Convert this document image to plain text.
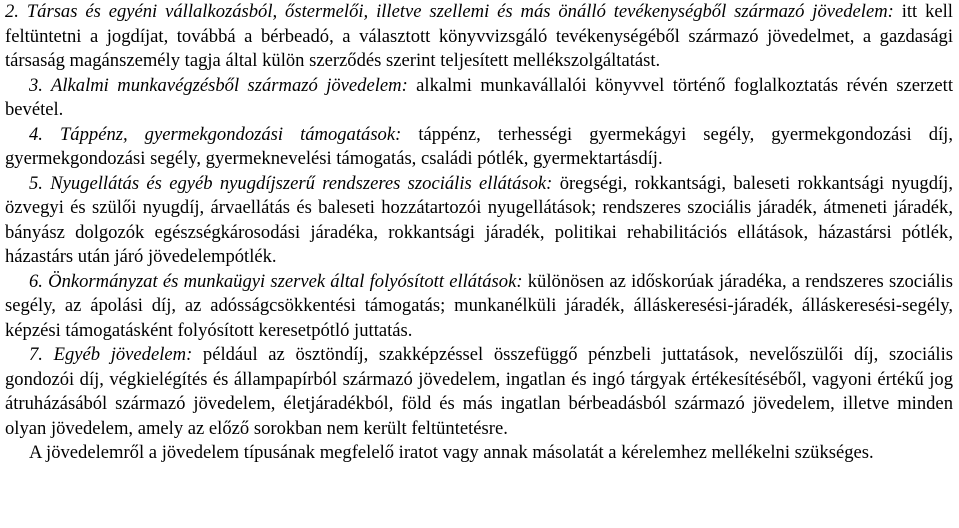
2. Társas és egyéni vállalkozásból, őstermelői, illetve szellemi és más önálló tevékenységből származó jövedelem: itt kell feltüntetni a jogdíjat, továbbá a bérbeadó, a választott könyvvizsgáló tevékenységéből származó jövedelmet, a gazdasági társaság magánszemély tagja által külön szerződés szerint teljesített mellékszolgáltatást.

3. Alkalmi munkavégzésből származó jövedelem: alkalmi munkavállalói könyvvel történő foglalkoztatás révén szerzett bevétel.

4. Táppénz, gyermekgondozási támogatások: táppénz, terhességi gyermekágyi segély, gyermekgondozási díj, gyermekgondozási segély, gyermeknevelési támogatás, családi pótlék, gyermektartásdíj.

5. Nyugellátás és egyéb nyugdíjszerű rendszeres szociális ellátások: öregségi, rokkantsági, baleseti rokkantsági nyugdíj, özvegyi és szülői nyugdíj, árvaellátás és baleseti hozzátartozói nyugellátások; rendszeres szociális járadék, átmeneti járadék, bányász dolgozók egészségkárosodási járadéka, rokkantsági járadék, politikai rehabilitációs ellátások, házastársi pótlék, házastárs után járó jövedelempótlék.

6. Önkormányzat és munkaügyi szervek által folyósított ellátások: különösen az időskorúak járadéka, a rendszeres szociális segély, az ápolási díj, az adósságcsökkentési támogatás; munkanélküli járadék, álláskeresési-járadék, álláskeresési-segély, képzési támogatásként folyósított keresetpótló juttatás.

7. Egyéb jövedelem: például az ösztöndíj, szakképzéssel összefüggő pénzbeli juttatások, nevelőszülői díj, szociális gondozói díj, végkielégítés és állampapírból származó jövedelem, ingatlan és ingó tárgyak értékesítéséből, vagyoni értékű jog átruházásából származó jövedelem, életjáradékból, föld és más ingatlan bérbeadásból származó jövedelem, illetve minden olyan jövedelem, amely az előző sorokban nem került feltüntetésre.

A jövedelemről a jövedelem típusának megfelelő iratot vagy annak másolatát a kérelemhez mellékelni szükséges.
